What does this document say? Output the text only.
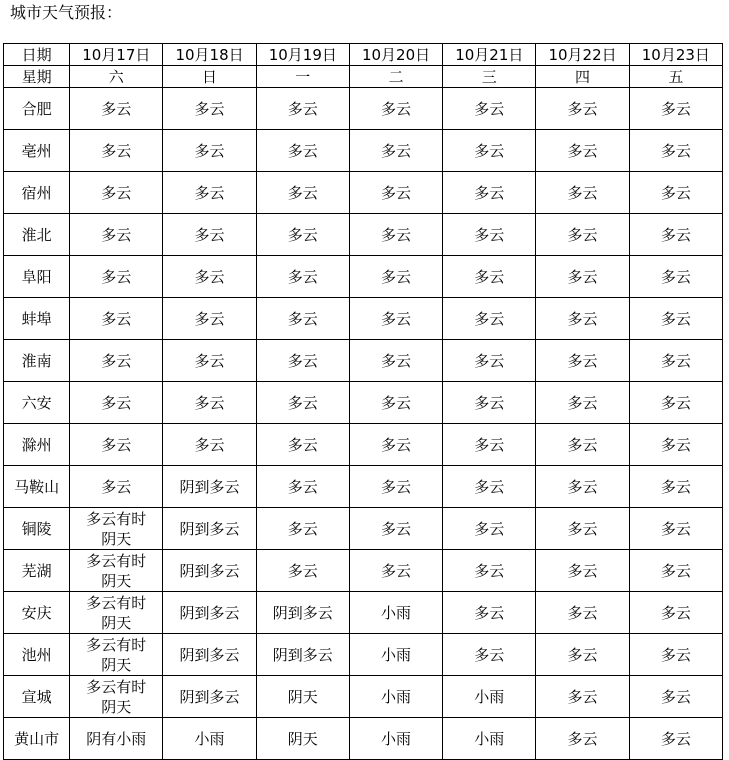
城市天气预报：
日期	10月17日	10月18日	10月19日	10月20日	10月21日	10月22日	10月23日
星期	六	日	一	二	三	四	五
合肥	多云	多云	多云	多云	多云	多云	多云

亳州	多云	多云	多云	多云	多云	多云	多云

宿州	多云	多云	多云	多云	多云	多云	多云

淮北	多云	多云	多云	多云	多云	多云	多云

阜阳	多云	多云	多云	多云	多云	多云	多云

蚌埠	多云	多云	多云	多云	多云	多云	多云

淮南	多云	多云	多云	多云	多云	多云	多云

六安	多云	多云	多云	多云	多云	多云	多云

滁州	多云	多云	多云	多云	多云	多云	多云

马鞍山	多云	阴到多云	多云	多云	多云	多云	多云

铜陵	多云有时阴天	阴到多云	多云	多云	多云	多云	多云

芜湖	多云有时阴天	阴到多云	多云	多云	多云	多云	多云

安庆	多云有时阴天	阴到多云	阴到多云	小雨	多云	多云	多云

池州	多云有时阴天	阴到多云	阴到多云	小雨	多云	多云	多云

宣城	多云有时阴天	阴到多云	阴天	小雨	小雨	多云	多云

黄山市	阴有小雨	小雨	阴天	小雨	小雨	多云	多云
